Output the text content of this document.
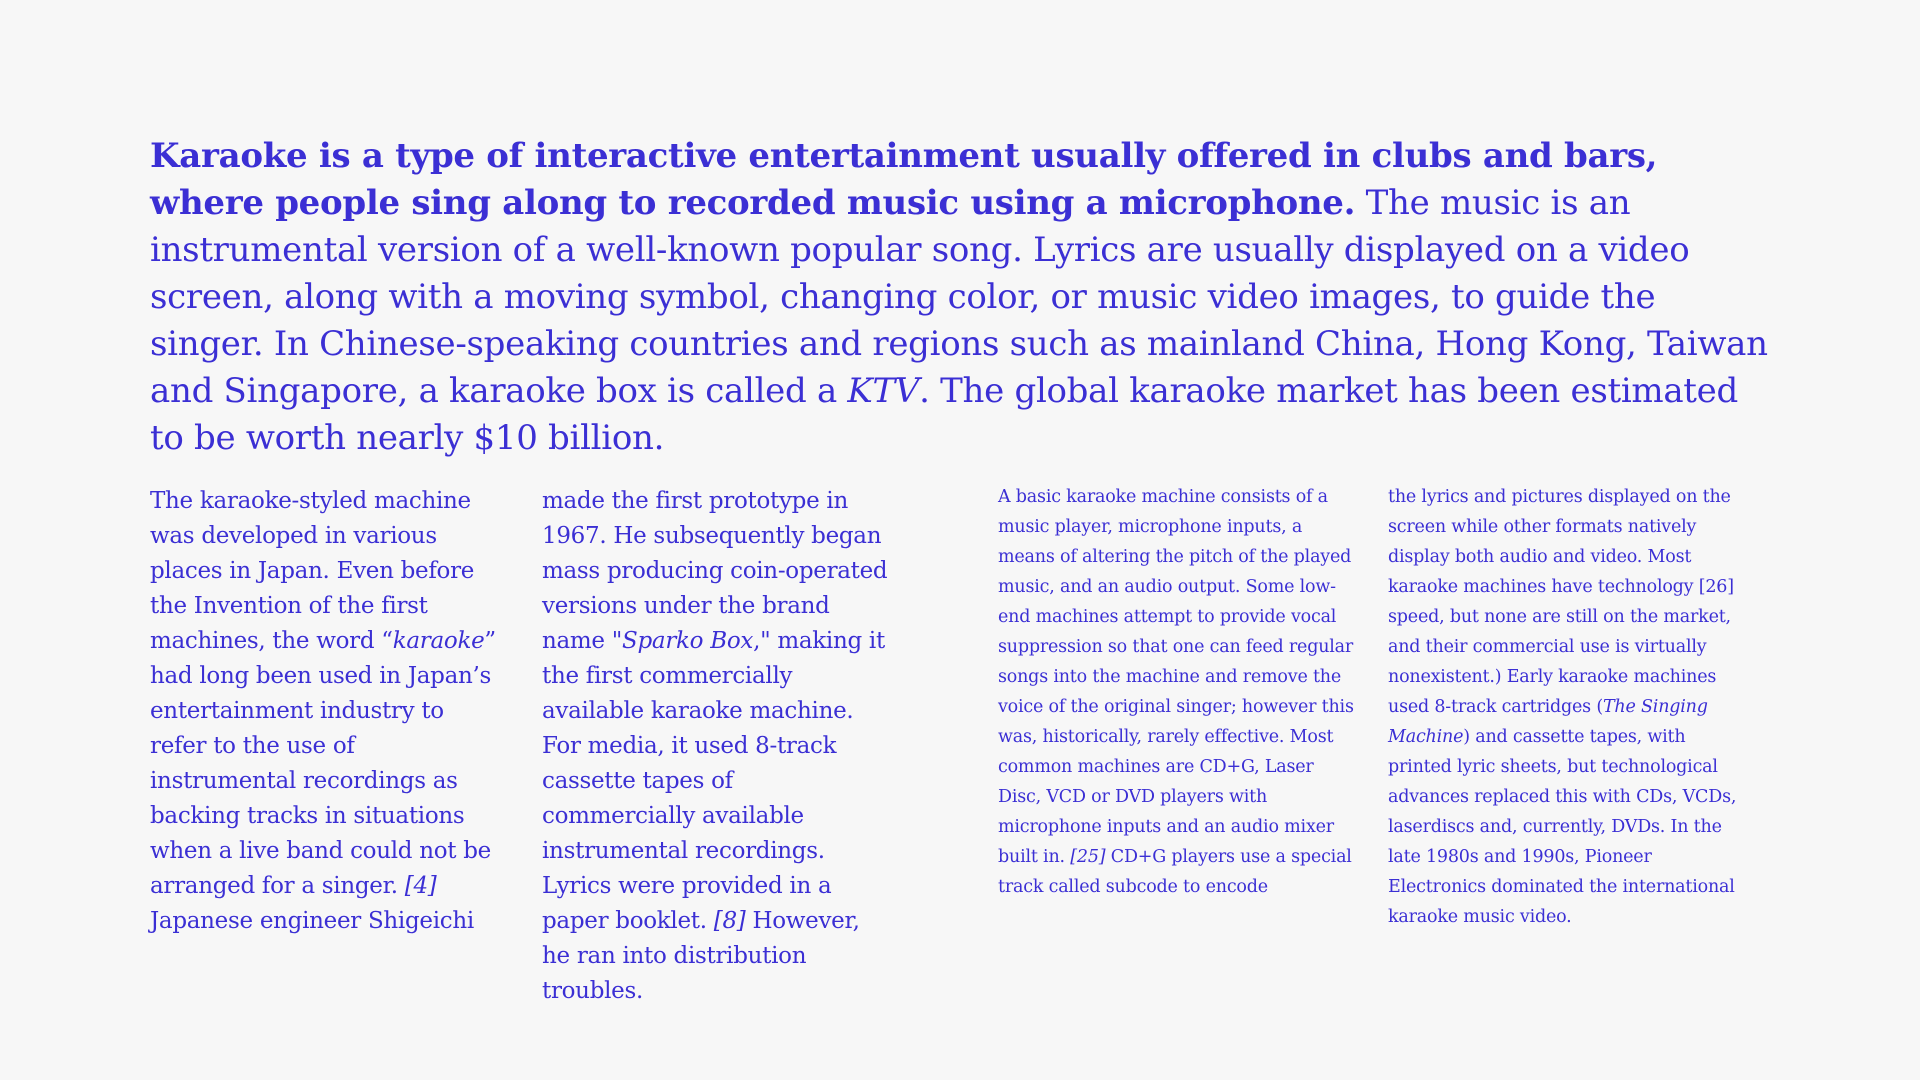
Karaoke is a type of interactive entertainment usually offered in clubs and bars, where people sing along to recorded music using a microphone. The music is an instrumental version of a well-known popular song. Lyrics are usually displayed on a video screen, along with a moving symbol, changing color, or music video images, to guide the singer. In Chinese-speaking countries and regions such as mainland China, Hong Kong, Taiwan and Singapore, a karaoke box is called a KTV. The global karaoke market has been estimated to be worth nearly $10 billion.

The karaoke-styled machine was developed in various places in Japan. Even before the Invention of the first machines, the word “karaoke” had long been used in Japan’s entertainment industry to refer to the use of instrumental recordings as backing tracks in situations when a live band could not be arranged for a singer. [4] Japanese engineer Shigeichi

made the first prototype in 1967. He subsequently began mass producing coin-operated versions under the brand name "Sparko Box," making it the first commercially available karaoke machine. For media, it used 8-track cassette tapes of commercially available instrumental recordings. Lyrics were provided in a paper booklet. [8] However, he ran into distribution troubles.

A basic karaoke machine consists of a music player, microphone inputs, a means of altering the pitch of the played music, and an audio output. Some low-end machines attempt to provide vocal suppression so that one can feed regular songs into the machine and remove the voice of the original singer; however this was, historically, rarely effective. Most common machines are CD+G, Laser Disc, VCD or DVD players with microphone inputs and an audio mixer built in. [25] CD+G players use a special track called subcode to encode

the lyrics and pictures displayed on the screen while other formats natively display both audio and video. Most karaoke machines have technology [26] speed, but none are still on the market, and their commercial use is virtually nonexistent.) Early karaoke machines used 8-track cartridges (The Singing Machine) and cassette tapes, with printed lyric sheets, but technological advances replaced this with CDs, VCDs, laserdiscs and, currently, DVDs. In the late 1980s and 1990s, Pioneer Electronics dominated the international karaoke music video.
